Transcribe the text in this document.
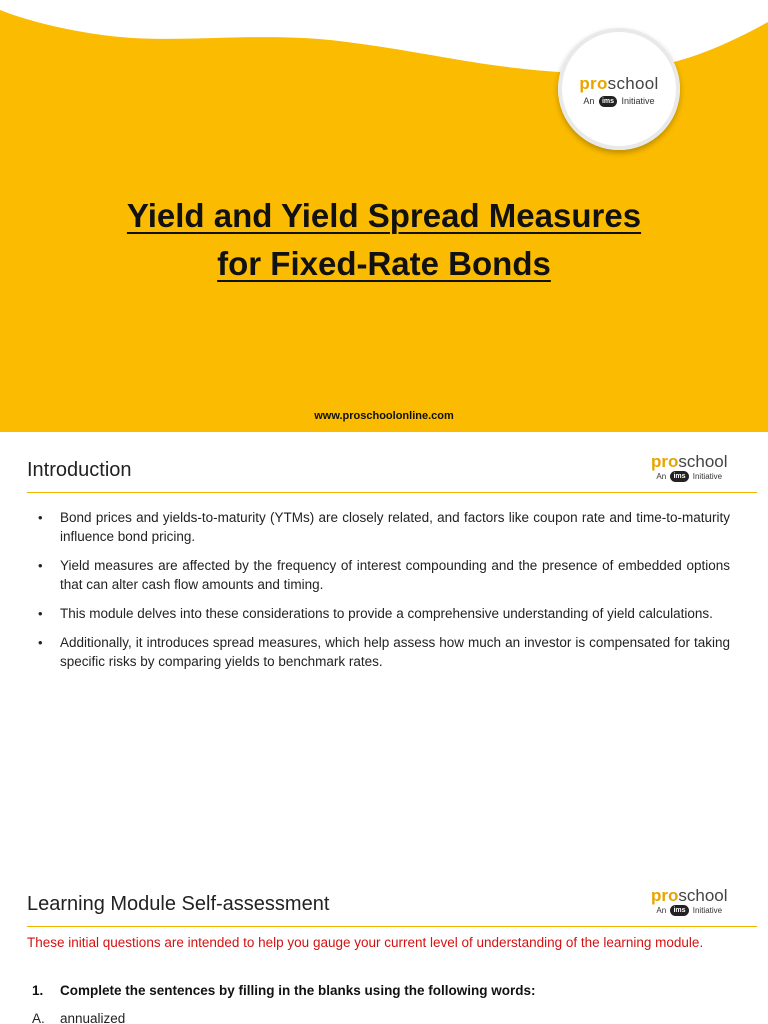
proschool
An ims Initiative
Yield and Yield Spread Measures
for Fixed-Rate Bonds
www.proschoolonline.com
Introduction	proschool
An ims Initiative
• Bond prices and yields-to-maturity (YTMs) are closely related, and factors like coupon rate and time-to-maturity influence bond pricing.
• Yield measures are affected by the frequency of interest compounding and the presence of embedded options that can alter cash flow amounts and timing.
• This module delves into these considerations to provide a comprehensive understanding of yield calculations.
• Additionally, it introduces spread measures, which help assess how much an investor is compensated for taking specific risks by comparing yields to benchmark rates.
Learning Module Self-assessment	proschool
An ims Initiative
These initial questions are intended to help you gauge your current level of understanding of the learning module.
1. Complete the sentences by filling in the blanks using the following words:
A. annualized
